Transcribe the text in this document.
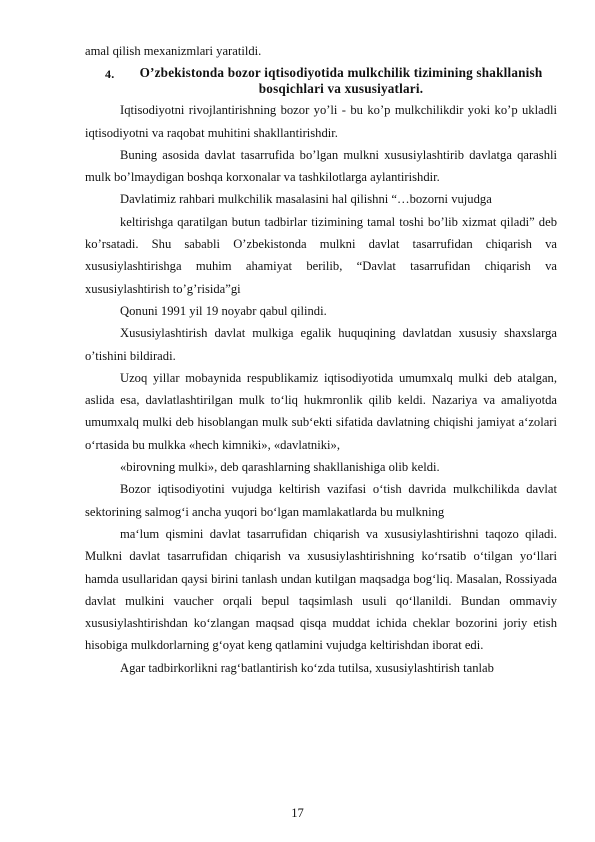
amal qilish mexanizmlari yaratildi.

4. O’zbekistonda bozor iqtisodiyotida mulkchilik tizimining shakllanish bosqichlari va xususiyatlari.

Iqtisodiyotni rivojlantirishning bozor yo’li - bu ko’p mulkchilikdir yoki ko’p ukladli iqtisodiyotni va raqobat muhitini shakllantirishdir.

Buning asosida davlat tasarrufida bo’lgan mulkni xususiylashtirib davlatga qarashli mulk bo’lmaydigan boshqa korxonalar va tashkilotlarga aylantirishdir.

Davlatimiz rahbari mulkchilik masalasini hal qilishni “…bozorni vujudga

keltirishga qaratilgan butun tadbirlar tizimining tamal toshi bo’lib xizmat qiladi” deb ko’rsatadi. Shu sababli O’zbekistonda mulkni davlat tasarrufidan chiqarish va xususiylashtirishga muhim ahamiyat berilib, “Davlat tasarrufidan chiqarish va xususiylashtirish to’g’risida”gi

Qonuni 1991 yil 19 noyabr qabul qilindi.

Xususiylashtirish davlat mulkiga egalik huquqining davlatdan xususiy shaxslarga o’tishini bildiradi.

Uzoq yillar mobaynida respublikamiz iqtisodiyotida umumxalq mulki deb atalgan, aslida esa, davlatlashtirilgan mulk to‘liq hukmronlik qilib keldi. Nazariya va amaliyotda umumxalq mulki deb hisoblangan mulk sub‘ekti sifatida davlatning chiqishi jamiyat a‘zolari o‘rtasida bu mulkka «hech kimniki», «davlatniki»,

«birovning mulki», deb qarashlarning shakllanishiga olib keldi.

Bozor iqtisodiyotini vujudga keltirish vazifasi o‘tish davrida mulkchilikda davlat sektorining salmog‘i ancha yuqori bo‘lgan mamlakatlarda bu mulkning

ma‘lum qismini davlat tasarrufidan chiqarish va xususiylashtirishni taqozo qiladi. Mulkni davlat tasarrufidan chiqarish va xususiylashtirishning ko‘rsatib o‘tilgan yo‘llari hamda usullaridan qaysi birini tanlash undan kutilgan maqsadga bog‘liq. Masalan, Rossiyada davlat mulkini vaucher orqali bepul taqsimlash usuli qo‘llanildi. Bundan ommaviy xususiylashtirishdan ko‘zlangan maqsad qisqa muddat ichida cheklar bozorini joriy etish hisobiga mulkdorlarning g‘oyat keng qatlamini vujudga keltirishdan iborat edi.

Agar tadbirkorlikni rag‘batlantirish ko‘zda tutilsa, xususiylashtirish tanlab

17
